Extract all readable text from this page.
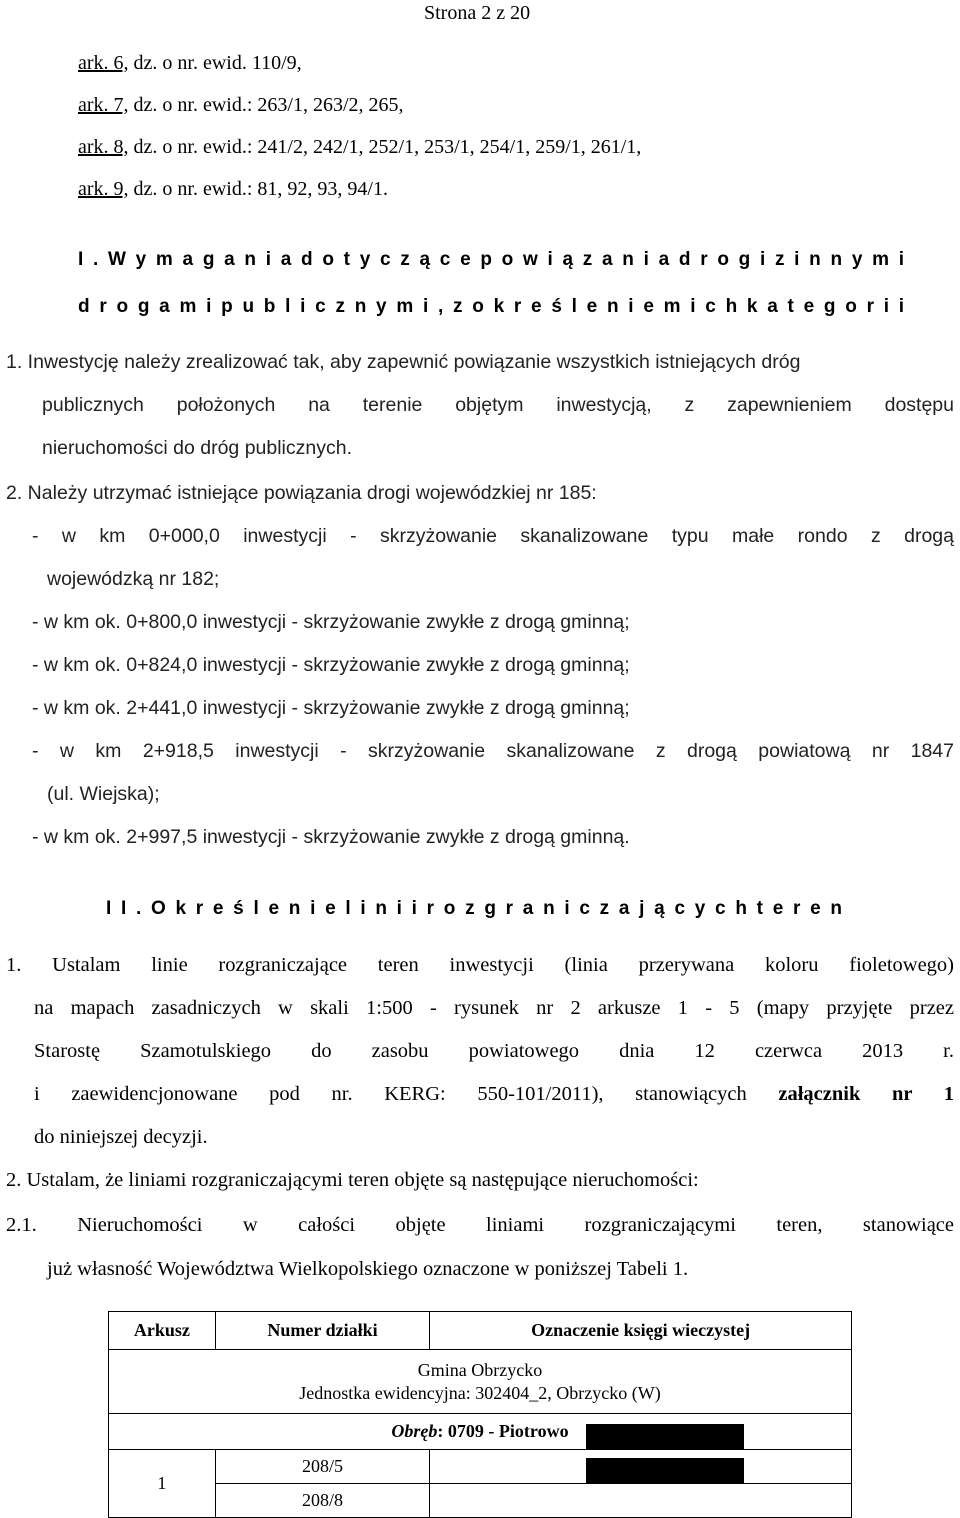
Strona 2 z 20
ark. 6, dz. o nr. ewid. 110/9,
ark. 7, dz. o nr. ewid.: 263/1, 263/2, 265,
ark. 8, dz. o nr. ewid.: 241/2, 242/1, 252/1, 253/1, 254/1, 259/1, 261/1,
ark. 9, dz. o nr. ewid.: 81, 92, 93, 94/1.
I . W y m a g a n i a d o t y c z ą c e p o w i ą z a n i a d r o g i z i n n y m i
d r o g a m i p u b l i c z n y m i , z o k r e ś l e n i e m i c h k a t e g o r i i
1. Inwestycję należy zrealizować tak, aby zapewnić powiązanie wszystkich istniejących dróg
publicznych położonych na terenie objętym inwestycją, z zapewnieniem dostępu
nieruchomości do dróg publicznych.
2. Należy utrzymać istniejące powiązania drogi wojewódzkiej nr 185:
- w km 0+000,0 inwestycji - skrzyżowanie skanalizowane typu małe rondo z drogą
wojewódzką nr 182;
- w km ok. 0+800,0 inwestycji - skrzyżowanie zwykłe z drogą gminną;
- w km ok. 0+824,0 inwestycji - skrzyżowanie zwykłe z drogą gminną;
- w km ok. 2+441,0 inwestycji - skrzyżowanie zwykłe z drogą gminną;
- w km 2+918,5 inwestycji - skrzyżowanie skanalizowane z drogą powiatową nr 1847
(ul. Wiejska);
- w km ok. 2+997,5 inwestycji - skrzyżowanie zwykłe z drogą gminną.
I I . O k r e ś l e n i e l i n i i r o z g r a n i c z a j ą c y c h t e r e n
1. Ustalam linie rozgraniczające teren inwestycji (linia przerywana koloru fioletowego)
na mapach zasadniczych w skali 1:500 - rysunek nr 2 arkusze 1 - 5 (mapy przyjęte przez
Starostę Szamotulskiego do zasobu powiatowego dnia 12 czerwca 2013 r.
i zaewidencjonowane pod nr. KERG: 550-101/2011), stanowiących załącznik nr 1
do niniejszej decyzji.
2. Ustalam, że liniami rozgraniczającymi teren objęte są następujące nieruchomości:
2.1. Nieruchomości w całości objęte liniami rozgraniczającymi teren, stanowiące
już własność Województwa Wielkopolskiego oznaczone w poniższej Tabeli 1.
Arkusz	Numer działki	Oznaczenie księgi wieczystej

Gmina Obrzycko
Jednostka ewidencyjna: 302404_2, Obrzycko (W)		

Obręb: 0709 - Piotrowo		
1	208/5	
	208/8	
